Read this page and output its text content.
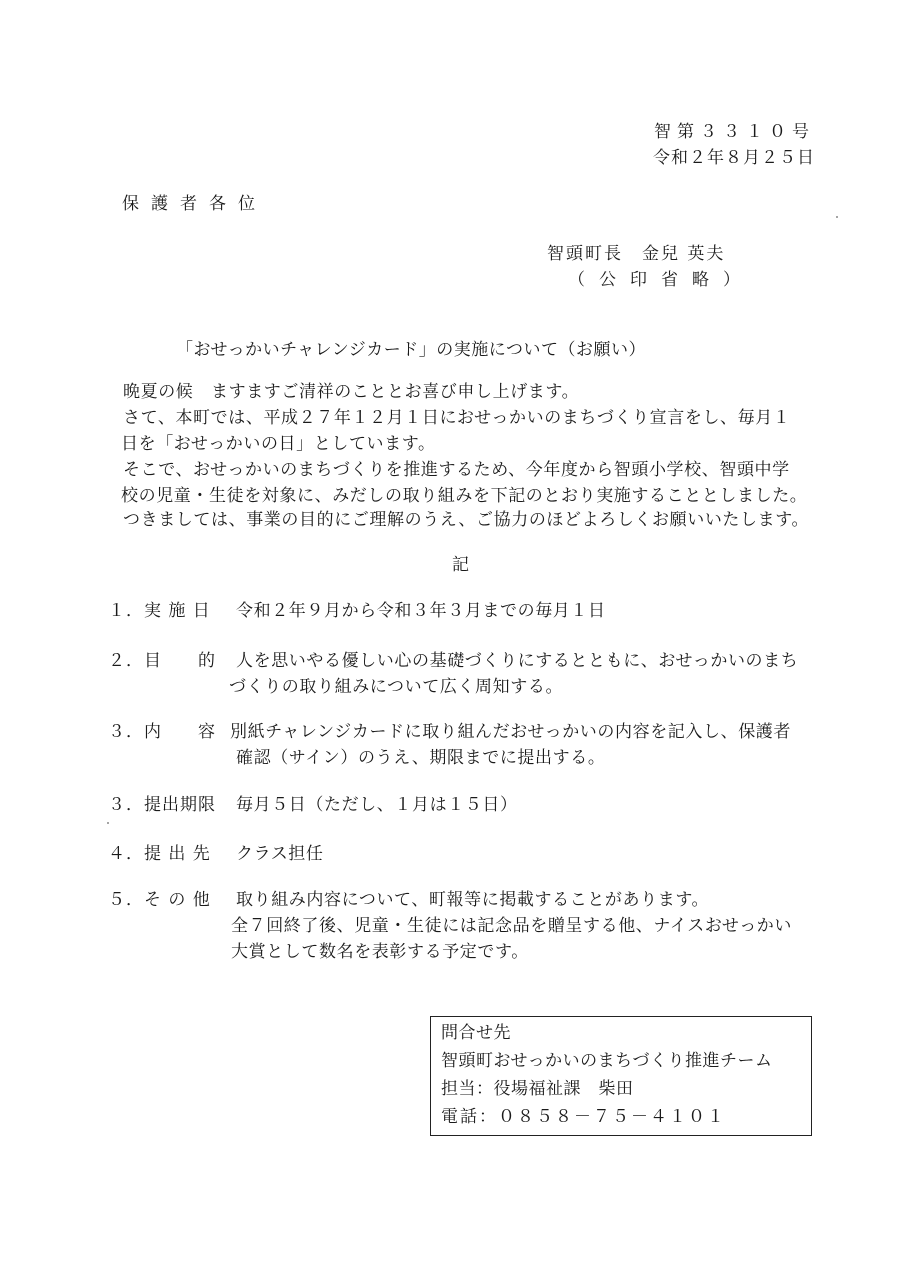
智第３３１０号
令和２年８月２５日
保護者各位
智頭町長　金兒 英夫
（公印省略）
「おせっかいチャレンジカード」の実施について（お願い）
晩夏の候　ますますご清祥のこととお喜び申し上げます。
さて、本町では、平成２７年１２月１日におせっかいのまちづくり宣言をし、毎月１
日を「おせっかいの日」としています。
そこで、おせっかいのまちづくりを推進するため、今年度から智頭小学校、智頭中学
校の児童・生徒を対象に、みだしの取り組みを下記のとおり実施することとしました。
つきましては、事業の目的にご理解のうえ、ご協力のほどよろしくお願いいたします。
記
１．実 施 日 令和２年９月から令和３年３月までの毎月１日
２．目　　的 人を思いやる優しい心の基礎づくりにするとともに、おせっかいのまち
づくりの取り組みについて広く周知する。
３．内　　容 別紙チャレンジカードに取り組んだおせっかいの内容を記入し、保護者
確認（サイン）のうえ、期限までに提出する。
３．提出期限 毎月５日（ただし、１月は１５日）
４．提 出 先 クラス担任
５．そ の 他 取り組み内容について、町報等に掲載することがあります。
全７回終了後、児童・生徒には記念品を贈呈する他、ナイスおせっかい
大賞として数名を表彰する予定です。
問合せ先
智頭町おせっかいのまちづくり推進チーム
担当：役場福祉課　柴田
電話：０８５８－７５－４１０１
